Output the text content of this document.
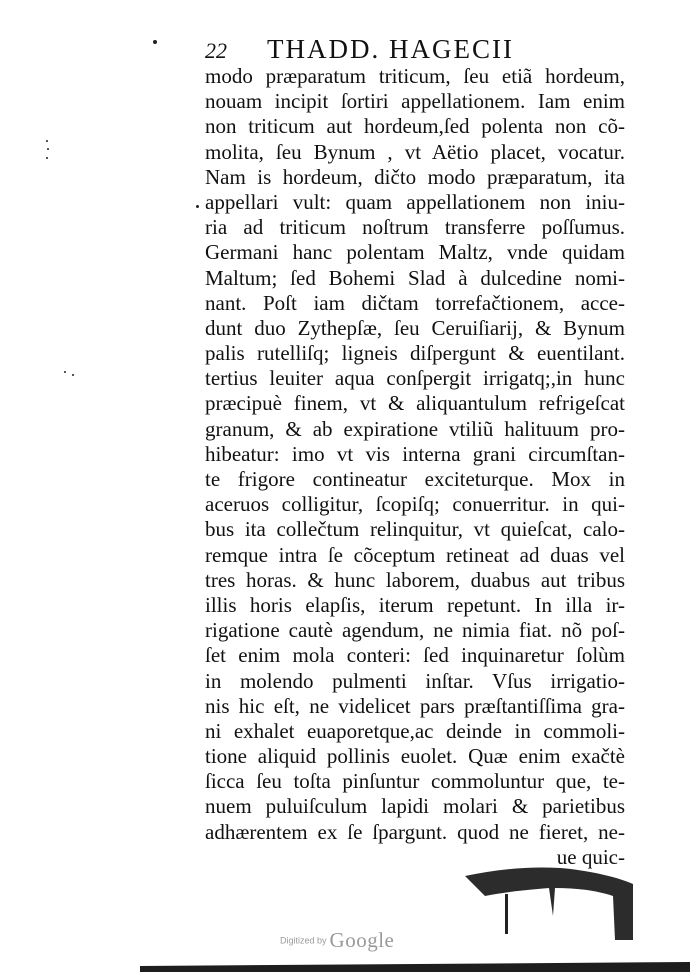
22 THADD. HAGECII
modo præparatum triticum, ſeu etiã hordeum,
nouam incipit ſortiri appellationem. Iam enim
non triticum aut hordeum,ſed polenta non cõ-
molita, ſeu Bynum , vt Aëtio placet, vocatur.
Nam is hordeum, dičto modo præparatum, ita
appellari vult: quam appellationem non iniu-
ria ad triticum noſtrum transferre poſſumus.
Germani hanc polentam Maltz, vnde quidam
Maltum; ſed Bohemi Slad à dulcedine nomi-
nant. Poſt iam dičtam torrefačtionem, acce-
dunt duo Zythepſæ, ſeu Ceruiſiarij, & Bynum
palis rutelliſq; ligneis diſpergunt & euentilant.
tertius leuiter aqua conſpergit irrigatq;,in hunc
præcipuè finem, vt & aliquantulum refrigeſcat
granum, & ab expiratione vtiliũ halituum pro-
hibeatur: imo vt vis interna grani circumſtan-
te frigore contineatur exciteturque. Mox in
aceruos colligitur, ſcopiſq; conuerritur. in qui-
bus ita collečtum relinquitur, vt quieſcat, calo-
remque intra ſe cõceptum retineat ad duas vel
tres horas. & hunc laborem, duabus aut tribus
illis horis elapſis, iterum repetunt. In illa ir-
rigatione cautè agendum, ne nimia fiat. nõ poſ-
ſet enim mola conteri: ſed inquinaretur ſolùm
in molendo pulmenti inſtar. Vſus irrigatio-
nis hic eſt, ne videlicet pars præſtantiſſima gra-
ni exhalet euaporetque,ac deinde in commoli-
tione aliquid pollinis euolet. Quæ enim exačtè
ſicca ſeu toſta pinſuntur commoluntur que, te-
nuem puluiſculum lapidi molari & parietibus
adhærentem ex ſe ſpargunt. quod ne fieret, ne-
ue quic-
Digitized by Google
